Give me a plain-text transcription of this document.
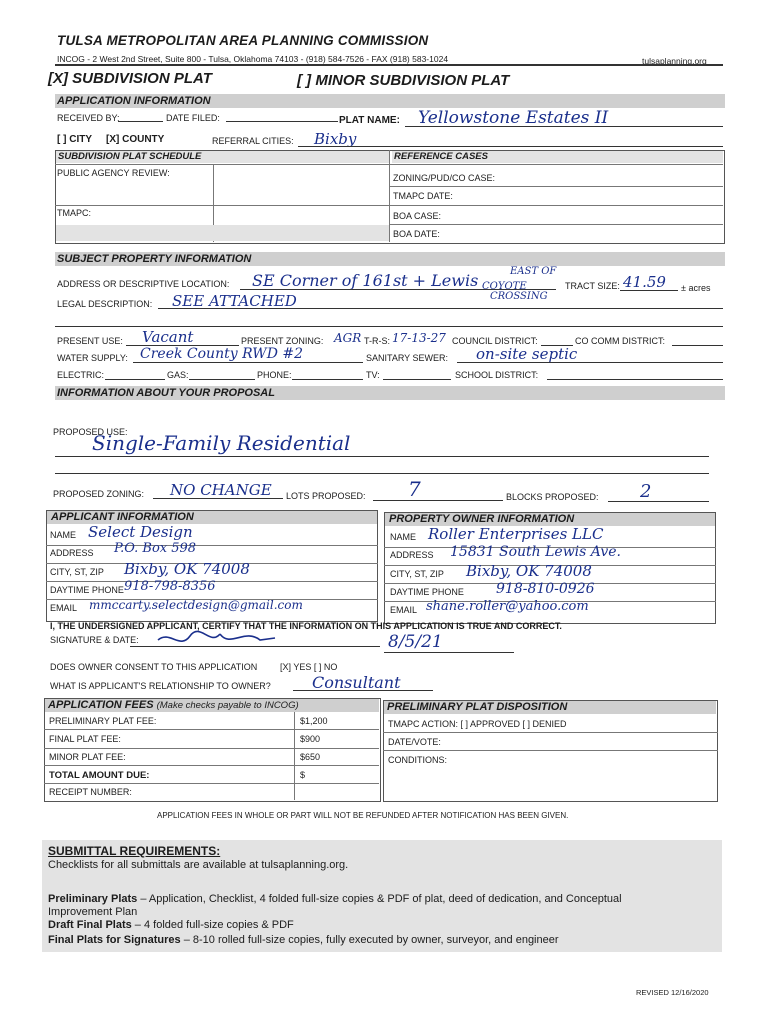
TULSA METROPOLITAN AREA PLANNING COMMISSION
INCOG - 2 West 2nd Street, Suite 800 - Tulsa, Oklahoma 74103 - (918) 584-7526 - FAX (918) 583-1024	tulsaplanning.org
[X] SUBDIVISION PLAT	[ ] MINOR SUBDIVISION PLAT
APPLICATION INFORMATION
RECEIVED BY:	DATE FILED:	PLAT NAME: Yellowstone Estates II
[ ] CITY [X] COUNTY	REFERRAL CITIES: Bixby
SUBDIVISION PLAT SCHEDULE	REFERENCE CASES
PUBLIC AGENCY REVIEW:
TMAPC:
ZONING/PUD/CO CASE:
TMAPC DATE:
BOA CASE:
BOA DATE:
SUBJECT PROPERTY INFORMATION
ADDRESS OR DESCRIPTIVE LOCATION: SE Corner of 161st + Lewis	EAST OF
COYOTE
CROSSING
TRACT SIZE: 41.59 ± acres
LEGAL DESCRIPTION: SEE ATTACHED
PRESENT USE: Vacant	PRESENT ZONING: AGR T-R-S: 17-13-27 COUNCIL DISTRICT:	CO COMM DISTRICT:
WATER SUPPLY: Creek County RWD #2	SANITARY SEWER: on-site septic
ELECTRIC:	GAS:	PHONE:	TV:	SCHOOL DISTRICT:
INFORMATION ABOUT YOUR PROPOSAL
PROPOSED USE:
Single-Family Residential
PROPOSED ZONING: NO CHANGE LOTS PROPOSED: 7	BLOCKS PROPOSED: 2
APPLICANT INFORMATION	PROPERTY OWNER INFORMATION
NAME Select Design
ADDRESS P.O. Box 598
CITY, ST, ZIP Bixby, OK 74008
DAYTIME PHONE 918-798-8356
EMAIL mmccarty.selectdesign@gmail.com
NAME Roller Enterprises LLC
ADDRESS 15831 South Lewis Ave.
CITY, ST, ZIP Bixby, OK 74008
DAYTIME PHONE 918-810-0926
EMAIL shane.roller@yahoo.com
I, THE UNDERSIGNED APPLICANT, CERTIFY THAT THE INFORMATION ON THIS APPLICATION IS TRUE AND CORRECT.
SIGNATURE & DATE:	8/5/21
DOES OWNER CONSENT TO THIS APPLICATION	[X] YES [ ] NO
WHAT IS APPLICANT'S RELATIONSHIP TO OWNER?	Consultant
APPLICATION FEES (Make checks payable to INCOG)
PRELIMINARY PLAT FEE:	$1,200
FINAL PLAT FEE:	$900
MINOR PLAT FEE:	$650
TOTAL AMOUNT DUE:	$
RECEIPT NUMBER:
PRELIMINARY PLAT DISPOSITION
TMAPC ACTION: [ ] APPROVED [ ] DENIED
DATE/VOTE:
CONDITIONS:
APPLICATION FEES IN WHOLE OR PART WILL NOT BE REFUNDED AFTER NOTIFICATION HAS BEEN GIVEN.
SUBMITTAL REQUIREMENTS:
Checklists for all submittals are available at tulsaplanning.org.
Preliminary Plats – Application, Checklist, 4 folded full-size copies & PDF of plat, deed of dedication, and Conceptual
Improvement Plan
Draft Final Plats – 4 folded full-size copies & PDF
Final Plats for Signatures – 8-10 rolled full-size copies, fully executed by owner, surveyor, and engineer
REVISED 12/16/2020
